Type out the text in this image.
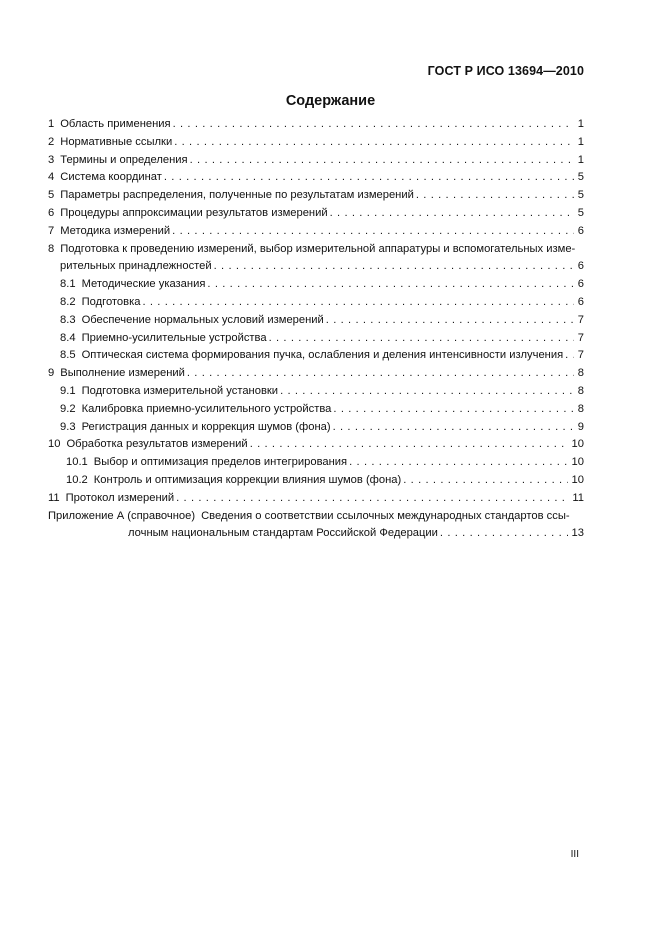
ГОСТ Р ИСО 13694—2010
Содержание
1 Область применения . . .	1
2 Нормативные ссылки . . .	1
3 Термины и определения . . .	1
4 Система координат . . .	5
5 Параметры распределения, полученные по результатам измерений . . .	5
6 Процедуры аппроксимации результатов измерений . . .	5
7 Методика измерений . . .	6
8 Подготовка к проведению измерений, выбор измерительной аппаратуры и вспомогательных изме-
рительных принадлежностей . . .	6
8.1 Методические указания . . .	6
8.2 Подготовка . . .	6
8.3 Обеспечение нормальных условий измерений . . .	7
8.4 Приемно-усилительные устройства . . .	7
8.5 Оптическая система формирования пучка, ослабления и деления интенсивности излучения . . . 7
9 Выполнение измерений . . .	8
9.1 Подготовка измерительной установки . . .	8
9.2 Калибровка приемно-усилительного устройства . . .	8
9.3 Регистрация данных и коррекция шумов (фона) . . .	9
10 Обработка результатов измерений . . .	10
10.1 Выбор и оптимизация пределов интегрирования . . .	10
10.2 Контроль и оптимизация коррекции влияния шумов (фона) . . .	10
11 Протокол измерений . . .	11
Приложение А (справочное) Сведения о соответствии ссылочных международных стандартов ссы-
лочным национальным стандартам Российской Федерации . . .	13
III
